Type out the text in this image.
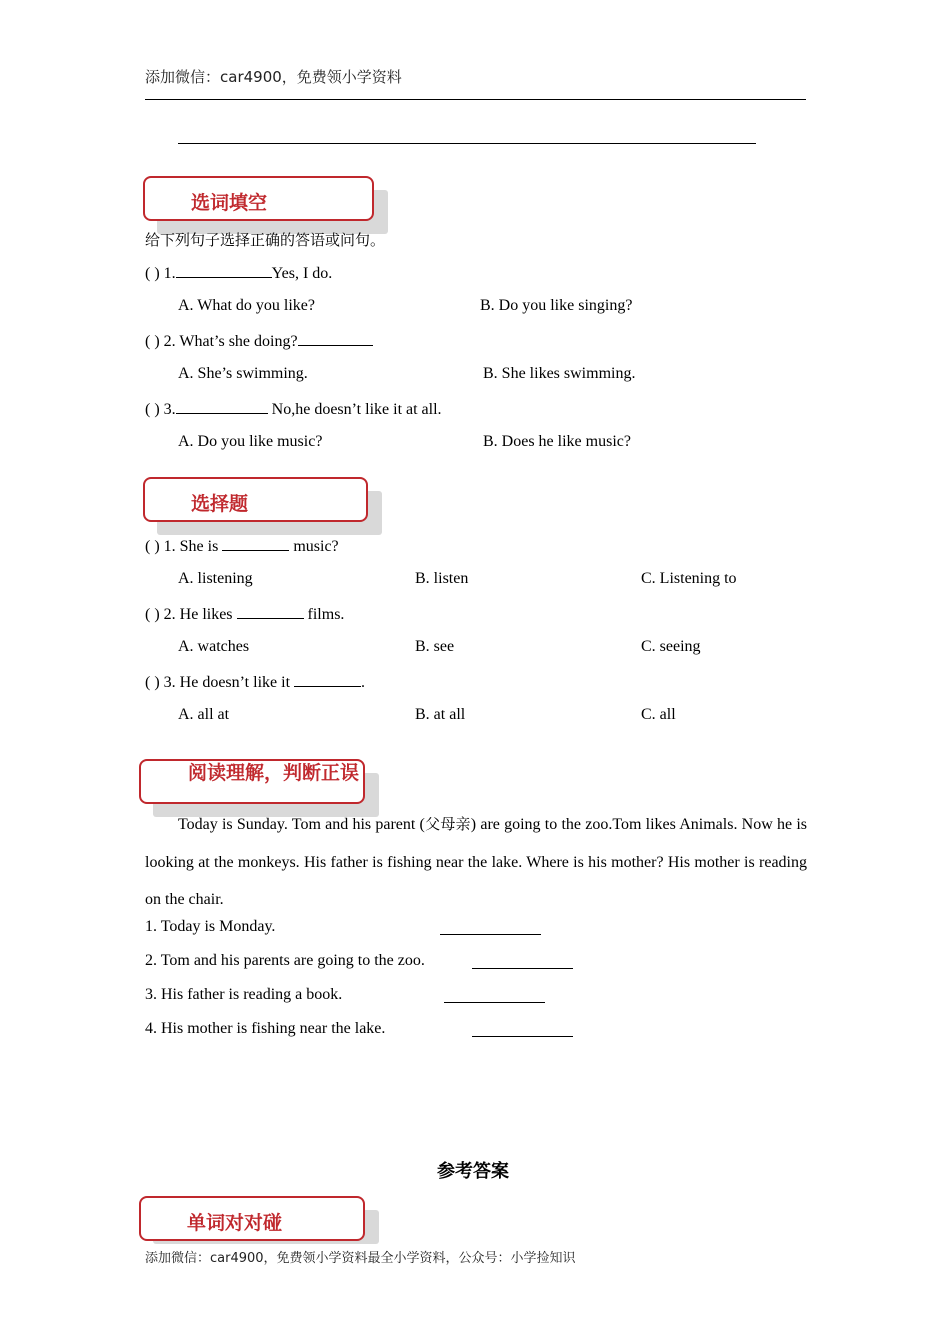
添加微信：car4900，免费领小学资料
选词填空
给下列句子选择正确的答语或问句。
( ) 1.	Yes, I do.
A. What do you like?	B. Do you like singing?
( ) 2. What’s she doing?
A. She’s swimming.	B. She likes swimming.
( ) 3.	No,he doesn’t like it at all.
A. Do you like music?	B. Does he like music?
选择题
( ) 1. She is	music?
A. listening	B. listen	C. Listening to
( ) 2. He likes	films.
A. watches	B. see	C. seeing
( ) 3. He doesn’t like it	.
A. all at	B. at all	C. all
阅读理解，判断正误
Today is Sunday. Tom and his parent (父母亲) are going to the zoo.Tom likes Animals. Now he is looking at the monkeys. His father is fishing near the lake. Where is his mother? His mother is reading on the chair.
1. Today is Monday.
2. Tom and his parents are going to the zoo.
3. His father is reading a book.
4. His mother is fishing near the lake.
参考答案
单词对对碰
添加微信：car4900，免费领小学资料最全小学资料，公众号：小学捡知识
